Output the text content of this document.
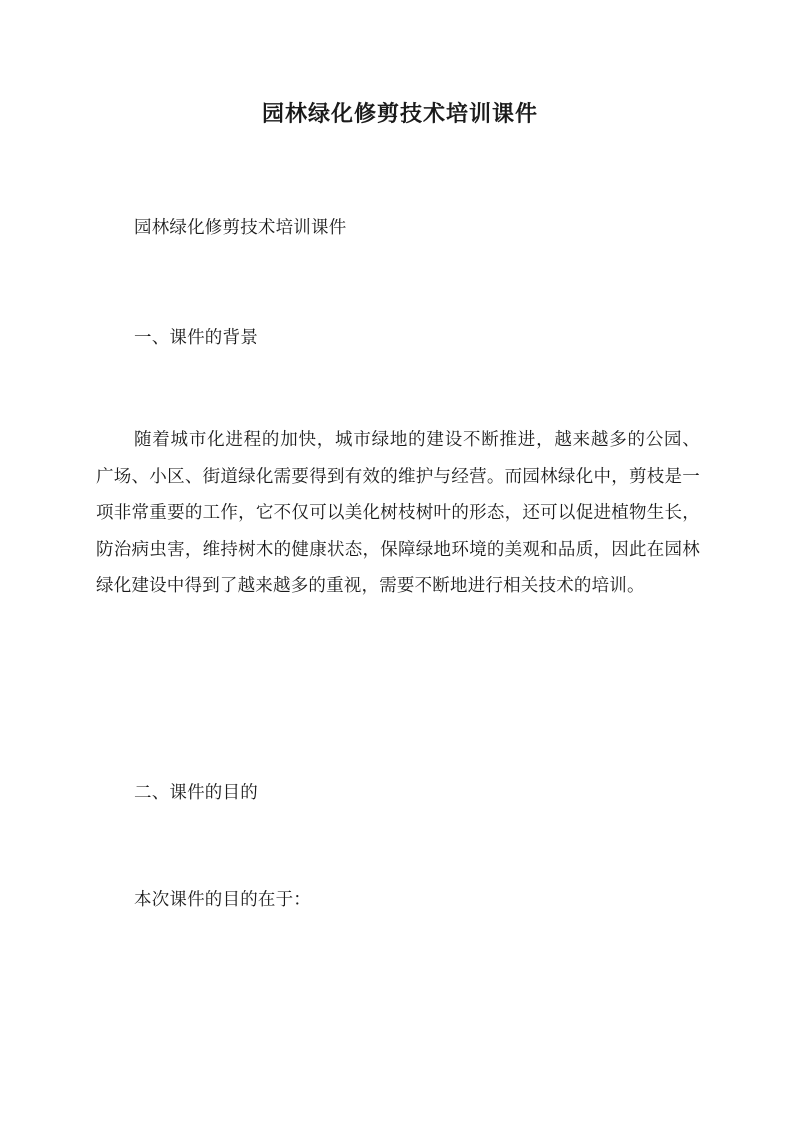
园林绿化修剪技术培训课件

园林绿化修剪技术培训课件

一、课件的背景

随着城市化进程的加快，城市绿地的建设不断推进，越来越多的公园、广场、小区、街道绿化需要得到有效的维护与经营。而园林绿化中，剪枝是一项非常重要的工作，它不仅可以美化树枝树叶的形态，还可以促进植物生长，防治病虫害，维持树木的健康状态，保障绿地环境的美观和品质，因此在园林绿化建设中得到了越来越多的重视，需要不断地进行相关技术的培训。

二、课件的目的

本次课件的目的在于：
